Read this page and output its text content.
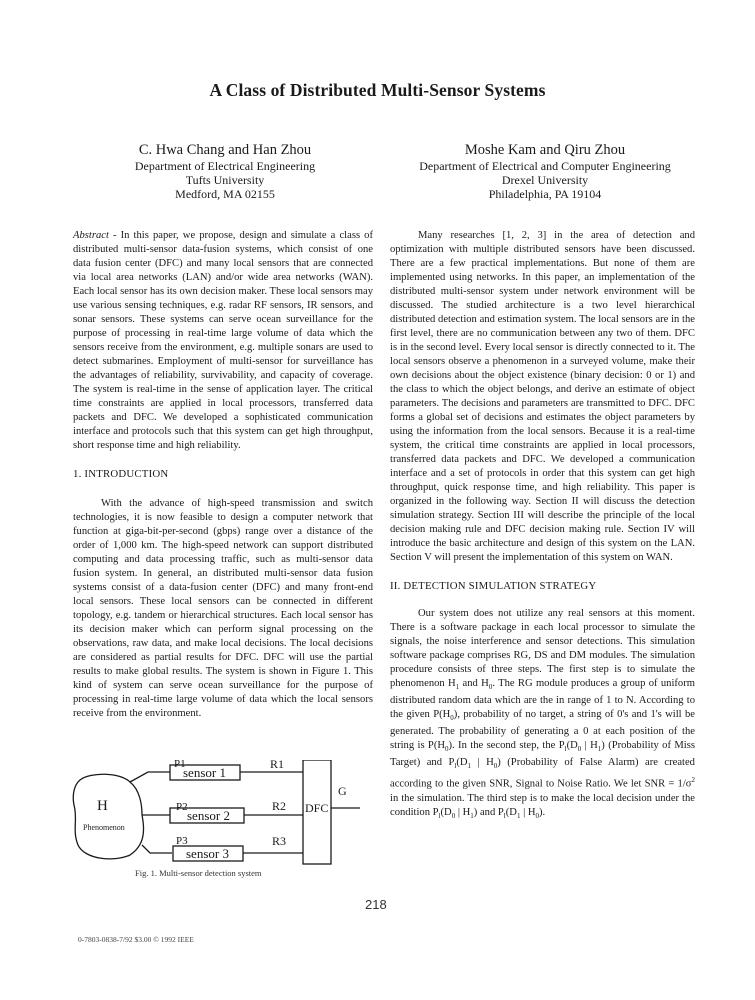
A Class of Distributed Multi-Sensor Systems
C. Hwa Chang and Han Zhou
Department of Electrical Engineering
Tufts University
Medford, MA 02155
Moshe Kam and Qiru Zhou
Department of Electrical and Computer Engineering
Drexel University
Philadelphia, PA 19104

Abstract - In this paper, we propose, design and simulate a class of distributed multi-sensor data-fusion systems, which consist of one data fusion center (DFC) and many local sensors that are connected via local area networks (LAN) and/or wide area networks (WAN). Each local sensor has its own decision maker. These local sensors may use various sensing techniques, e.g. radar RF sensors, IR sensors, and sonar sensors. These systems can serve ocean surveillance for the purpose of processing in real-time large volume of data which the sensors receive from the environment, e.g. multiple sonars are used to detect submarines. Employment of multi-sensor for surveillance has the advantages of reliability, survivability, and capacity of coverage. The system is real-time in the sense of application layer. The critical time constraints are applied in local processors, transferred data packets and DFC. We developed a sophisticated communication interface and protocols such that this system can get high throughput, short response time and high reliability.

1. INTRODUCTION

With the advance of high-speed transmission and switch technologies, it is now feasible to design a computer network that function at giga-bit-per-second (gbps) range over a distance of the order of 1,000 km. The high-speed network can support distributed computing and data processing traffic, such as multi-sensor data fusion system. In general, an distributed multi-sensor data fusion systems consist of a data-fusion center (DFC) and many front-end local sensors. These local sensors can be connected in different topology, e.g. tandem or hierarchical structures. Each local sensor has its decision maker which can perform signal processing on the observations, raw data, and make local decisions. The local decisions are considered as partial results for DFC. DFC will use the partial results to make global results. The system is shown in Figure 1. This kind of system can serve ocean surveillance for the purpose of processing in real-time large volume of data which the local sensors receive from the environment.

H
Phenomenon
P1
P2
P3
sensor 1
sensor 2
sensor 3
R1
R2
R3
DFC
G
Fig. 1. Multi-sensor detection system

Many researches [1, 2, 3] in the area of detection and optimization with multiple distributed sensors have been discussed. There are a few practical implementations. But none of them are implemented using networks. In this paper, an implementation of the distributed multi-sensor system under network environment will be discussed. The studied architecture is a two level hierarchical distributed detection and estimation system. The local sensors are in the first level, there are no communication between any two of them. DFC is in the second level. Every local sensor is directly connected to it. The local sensors observe a phenomenon in a surveyed volume, make their own decisions about the object existence (binary decision: 0 or 1) and the class to which the object belongs, and derive an estimate of object parameters. The decisions and parameters are transmitted to DFC. DFC forms a global set of decisions and estimates the object parameters by using the information from the local sensors. Because it is a real-time system, the critical time constraints are applied in local processors, transferred data packets and DFC. We developed a communication interface and a set of protocols in order that this system can get high throughput, quick response time, and high reliability. This paper is organized in the following way. Section II will discuss the detection simulation strategy. Section III will describe the principle of the local decision making rule and DFC decision making rule. Section IV will introduce the basic architecture and design of this system on the LAN. Section V will present the implementation of this system on WAN.

II. DETECTION SIMULATION STRATEGY

Our system does not utilize any real sensors at this moment. There is a software package in each local processor to simulate the signals, the noise interference and sensor detections. This simulation software package comprises RG, DS and DM modules. The simulation procedure consists of three steps. The first step is to simulate the phenomenon $H_1$ and $H_0$. The RG module produces a group of uniform distributed random data which are the in range of 1 to N. According to the given $P(H_0)$, probability of no target, a string of 0's and 1's will be generated. The probability of generating a 0 at each position of the string is $P(H_0)$. In the second step, the $P_l(D_0$ | $H_1$) (Probability of Miss Target) and $P_l(D_1$ | $H_0$) (Probability of False Alarm) are created according to the given SNR, Signal to Noise Ratio. We let SNR = $1/\sigma^2$ in the simulation. The third step is to make the local decision under the condition $P_l(D_0$ | $H_1$) and $P_l(D_1$ | $H_0$).

218
0-7803-0838-7/92 $3.00 © 1992 IEEE
